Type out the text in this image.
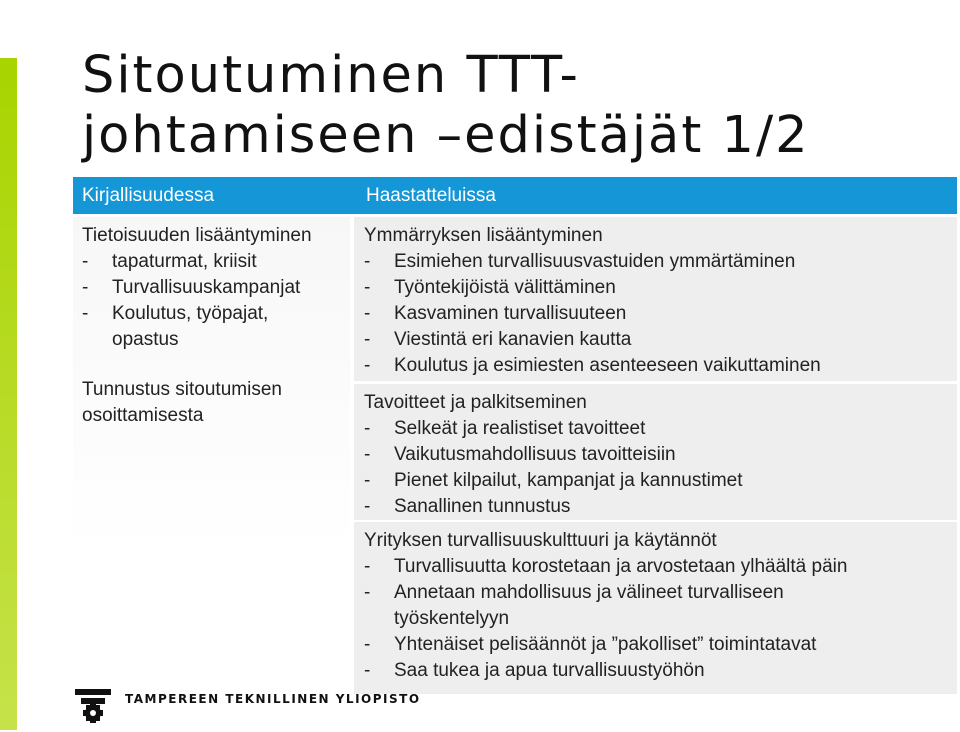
Sitoutuminen TTT-
johtamiseen –edistäjät 1/2
Kirjallisuudessa	Haastatteluissa
Tietoisuuden lisääntyminen
- tapaturmat, kriisit
- Turvallisuuskampanjat
- Koulutus, työpajat,
opastus
Tunnustus sitoutumisen
osoittamisesta
Ymmärryksen lisääntyminen
- Esimiehen turvallisuusvastuiden ymmärtäminen
- Työntekijöistä välittäminen
- Kasvaminen turvallisuuteen
- Viestintä eri kanavien kautta
- Koulutus ja esimiesten asenteeseen vaikuttaminen
Tavoitteet ja palkitseminen
- Selkeät ja realistiset tavoitteet
- Vaikutusmahdollisuus tavoitteisiin
- Pienet kilpailut, kampanjat ja kannustimet
- Sanallinen tunnustus
Yrityksen turvallisuuskulttuuri ja käytännöt
- Turvallisuutta korostetaan ja arvostetaan ylhäältä päin
- Annetaan mahdollisuus ja välineet turvalliseen
työskentelyyn
- Yhtenäiset pelisäännöt ja ”pakolliset” toimintatavat
- Saa tukea ja apua turvallisuustyöhön
TAMPEREEN TEKNILLINEN YLIOPISTO
